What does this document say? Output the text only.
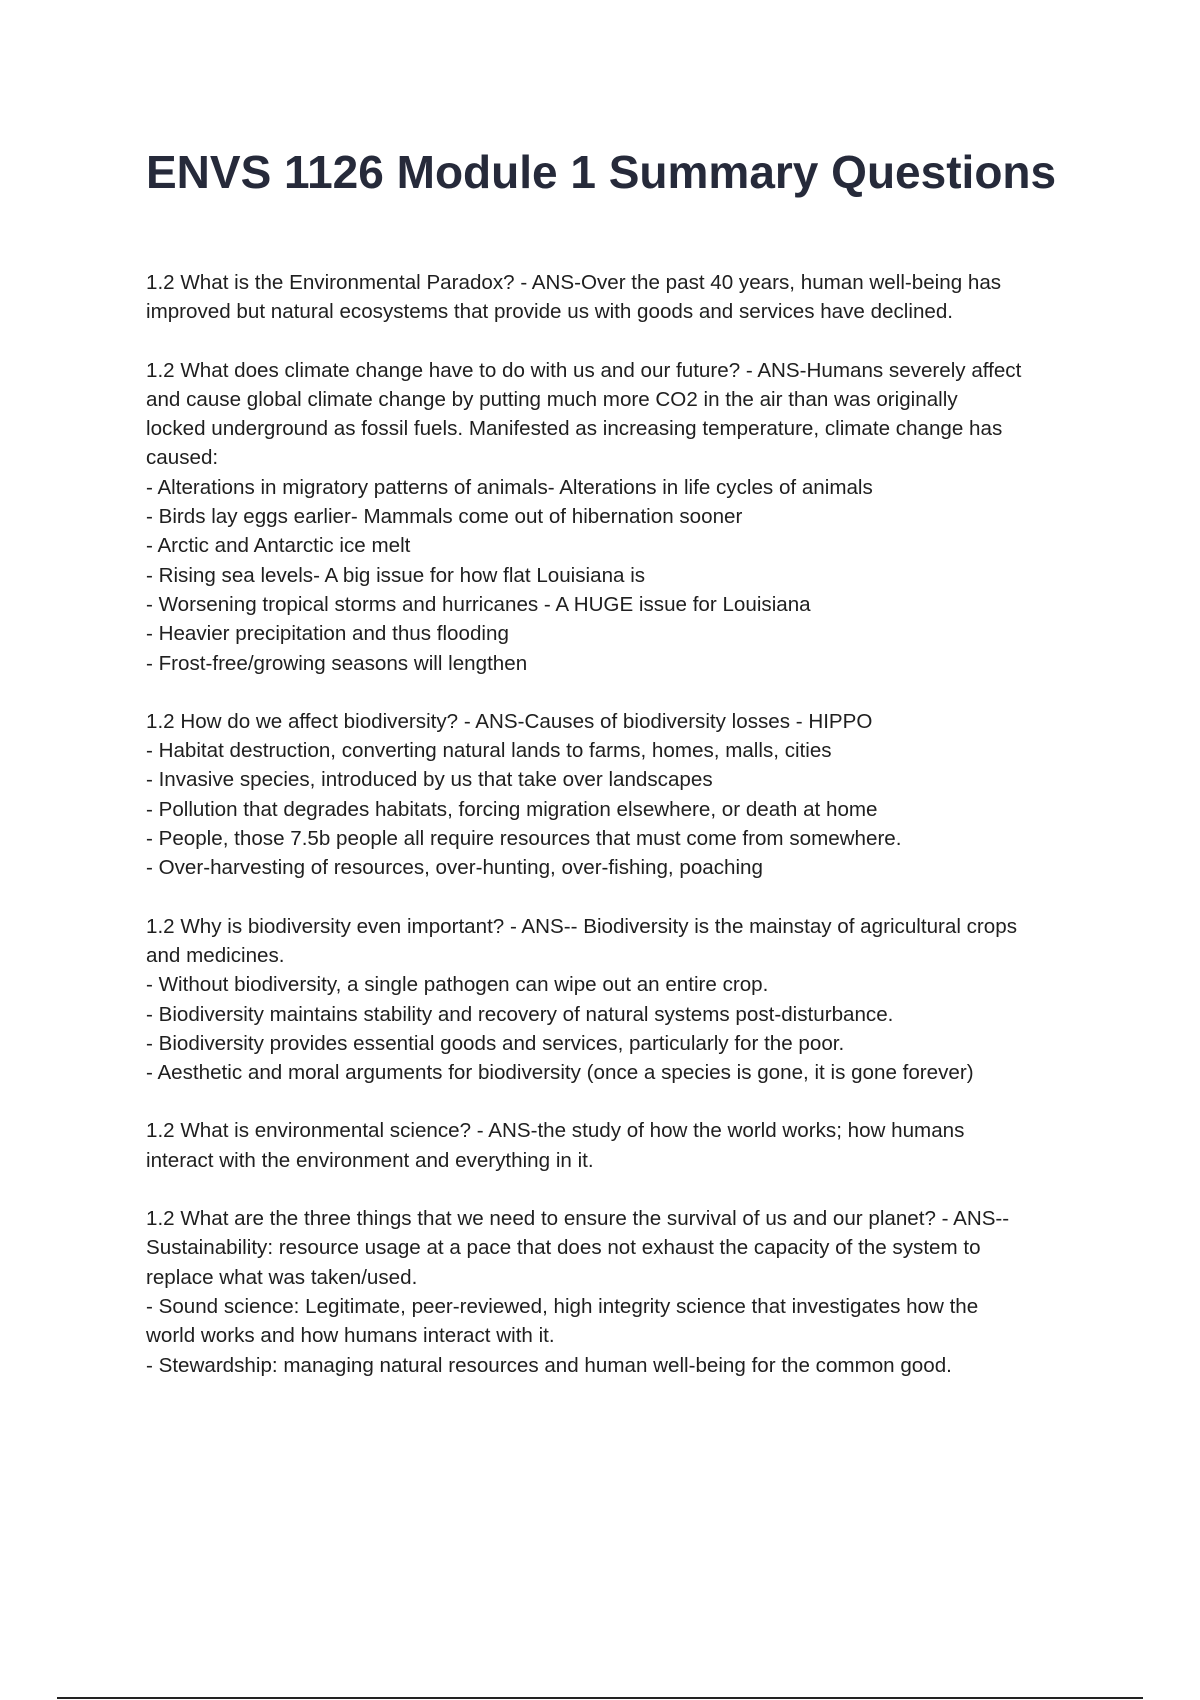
ENVS 1126 Module 1 Summary Questions
1.2 What is the Environmental Paradox? - ANS-Over the past 40 years, human well-being has
improved but natural ecosystems that provide us with goods and services have declined.
1.2 What does climate change have to do with us and our future? - ANS-Humans severely affect
and cause global climate change by putting much more CO2 in the air than was originally
locked underground as fossil fuels. Manifested as increasing temperature, climate change has
caused:
- Alterations in migratory patterns of animals- Alterations in life cycles of animals
- Birds lay eggs earlier- Mammals come out of hibernation sooner
- Arctic and Antarctic ice melt
- Rising sea levels- A big issue for how flat Louisiana is
- Worsening tropical storms and hurricanes - A HUGE issue for Louisiana
- Heavier precipitation and thus flooding
- Frost-free/growing seasons will lengthen
1.2 How do we affect biodiversity? - ANS-Causes of biodiversity losses - HIPPO
- Habitat destruction, converting natural lands to farms, homes, malls, cities
- Invasive species, introduced by us that take over landscapes
- Pollution that degrades habitats, forcing migration elsewhere, or death at home
- People, those 7.5b people all require resources that must come from somewhere.
- Over-harvesting of resources, over-hunting, over-fishing, poaching
1.2 Why is biodiversity even important? - ANS-- Biodiversity is the mainstay of agricultural crops
and medicines.
- Without biodiversity, a single pathogen can wipe out an entire crop.
- Biodiversity maintains stability and recovery of natural systems post-disturbance.
- Biodiversity provides essential goods and services, particularly for the poor.
- Aesthetic and moral arguments for biodiversity (once a species is gone, it is gone forever)
1.2 What is environmental science? - ANS-the study of how the world works; how humans
interact with the environment and everything in it.
1.2 What are the three things that we need to ensure the survival of us and our planet? - ANS--
Sustainability: resource usage at a pace that does not exhaust the capacity of the system to
replace what was taken/used.
- Sound science: Legitimate, peer-reviewed, high integrity science that investigates how the
world works and how humans interact with it.
- Stewardship: managing natural resources and human well-being for the common good.
